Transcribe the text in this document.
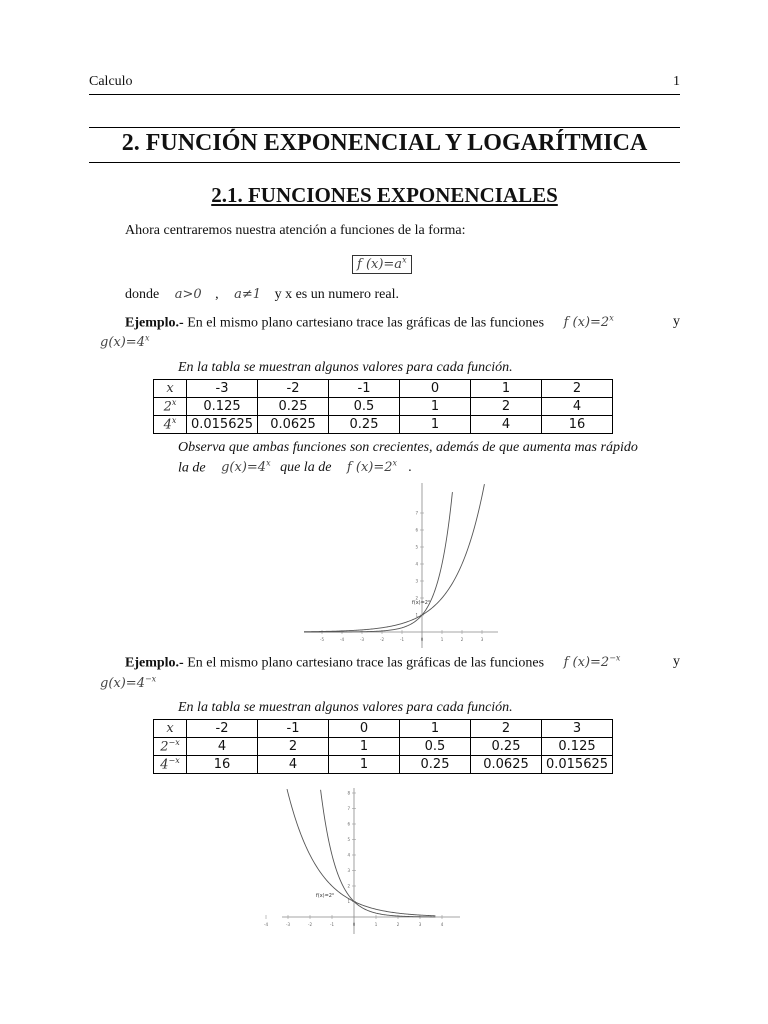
Calculo	1
2. FUNCIÓN EXPONENCIAL Y LOGARÍTMICA
2.1. FUNCIONES EXPONENCIALES
Ahora centraremos nuestra atención a funciones de la forma:
f $(x)=a^x$
donde a>0 , a≠1 y x es un numero real.
Ejemplo.- En el mismo plano cartesiano trace las gráficas de las funciones f $(x)=2^x$	y
$g(x)=4^x$
En la tabla se muestran algunos valores para cada función.
x	-3	-2	-1	0	1	2
2$^x$	0.125	0.25	0.5	1	2	4
4$^x$	0.015625	0.0625	0.25	1	4	16
Observa que ambas funciones son crecientes, además de que aumenta mas rápido
la de $g(x)=4^x$ que la de f $(x)=2^x$ .
-5	-4	-3	-2	-1	0	1	2	3
1
2
3
4
5
6
7
$f(x)=2^x$
Ejemplo.- En el mismo plano cartesiano trace las gráficas de las funciones f $(x)=2^{-x}$	y
$g(x)=4^{-x}$
En la tabla se muestran algunos valores para cada función.
x	-2	-1	0	1	2	3
$2^{-x}$	4	2	1	0.5	0.25	0.125
$4^{-x}$	16	4	1	0.25	0.0625	0.015625
-4	-3	-2	-1	0	1	2	3	4
1
2
3
4
5
6
7
8
$f(x)=2^x$
